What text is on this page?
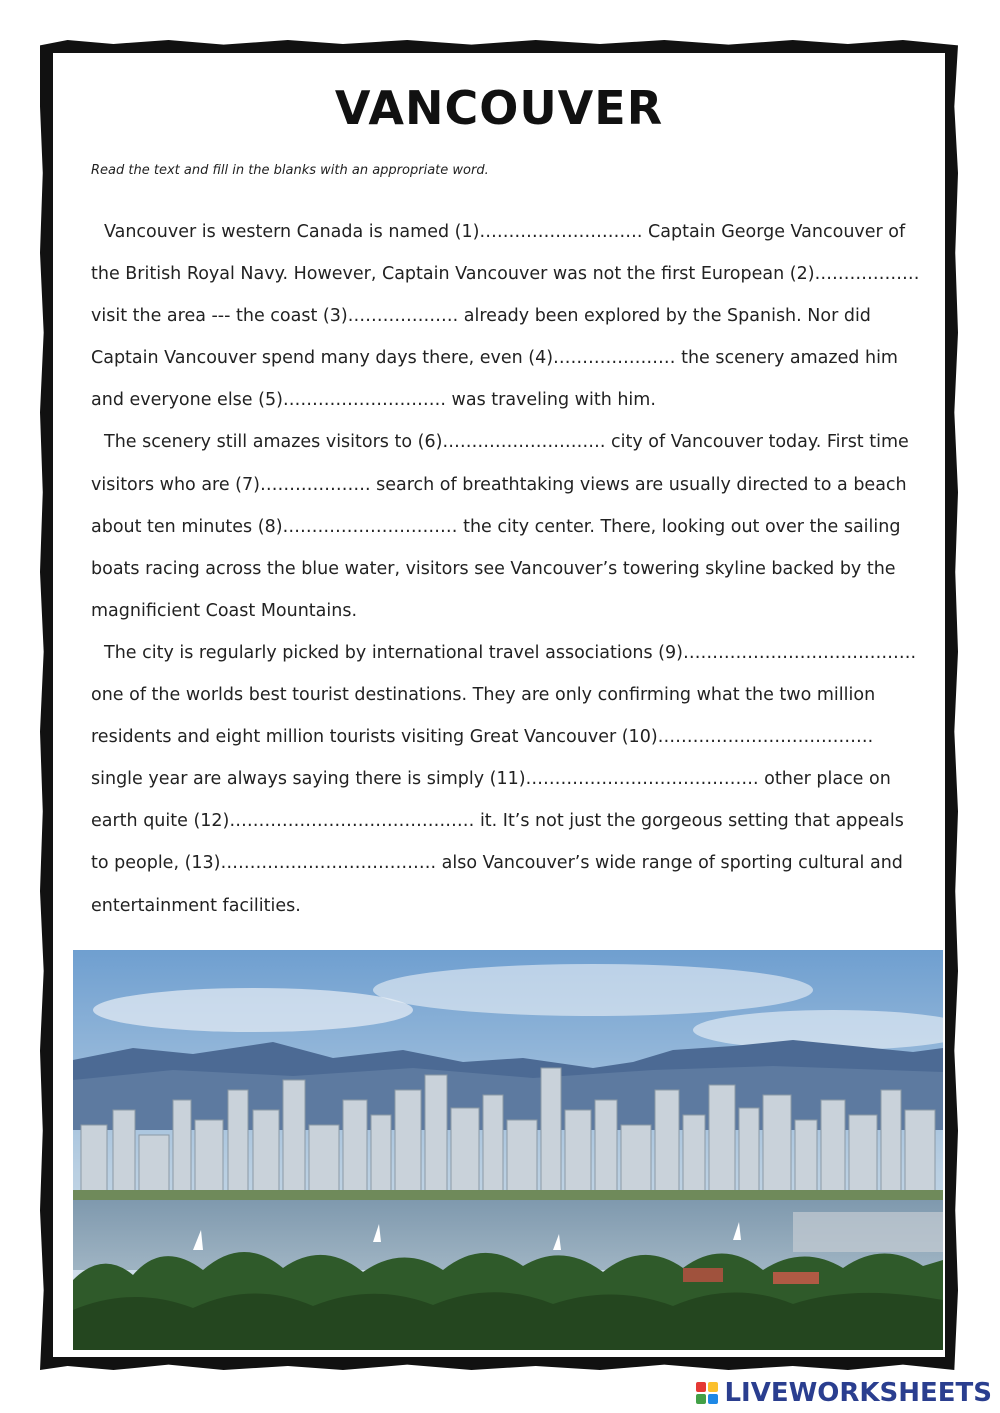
VANCOUVER
Read the text and fill in the blanks with an appropriate word.

Vancouver is western Canada is named (1)………………………. Captain George Vancouver of the British Royal Navy. However, Captain Vancouver was not the first European (2)……………… visit the area --- the coast (3)………………. already been explored by the Spanish. Nor did Captain Vancouver spend many days there, even (4)………………… the scenery amazed him and everyone else (5)………………………. was traveling with him.

The scenery still amazes visitors to (6)………………………. city of Vancouver today. First time visitors who are (7)………………. search of breathtaking views are usually directed to a beach about ten minutes (8)………………………… the city center. There, looking out over the sailing boats racing across the blue water, visitors see Vancouver’s towering skyline backed by the magnificient Coast Mountains.

The city is regularly picked by international travel associations (9)…………………………………. one of the worlds best tourist destinations. They are only confirming what the two million residents and eight million tourists visiting Great Vancouver (10)………………………………. single year are always saying there is simply (11)…………………………………. other place on earth quite (12)…………………………………… it. It’s not just the gorgeous setting that appeals to people, (13)………………………………. also Vancouver’s wide range of sporting cultural and entertainment facilities.

LIVEWORKSHEETS
